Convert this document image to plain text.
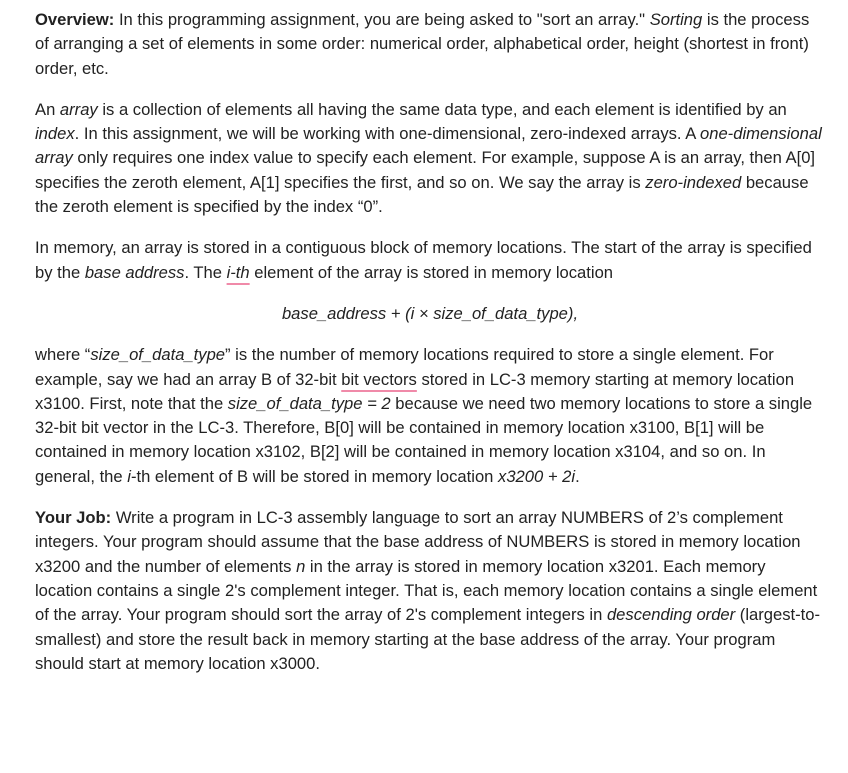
Overview: In this programming assignment, you are being asked to "sort an array." Sorting is the process of arranging a set of elements in some order: numerical order, alphabetical order, height (shortest in front) order, etc.

An array is a collection of elements all having the same data type, and each element is identified by an index. In this assignment, we will be working with one-dimensional, zero-indexed arrays. A one-dimensional array only requires one index value to specify each element. For example, suppose A is an array, then A[0] specifies the zeroth element, A[1] specifies the first, and so on. We say the array is zero-indexed because the zeroth element is specified by the index “0”.

In memory, an array is stored in a contiguous block of memory locations. The start of the array is specified by the base address. The i-th element of the array is stored in memory location

base_address + (i × size_of_data_type),

where “size_of_data_type” is the number of memory locations required to store a single element. For example, say we had an array B of 32-bit bit vectors stored in LC-3 memory starting at memory location x3100. First, note that the size_of_data_type = 2 because we need two memory locations to store a single 32-bit bit vector in the LC-3. Therefore, B[0] will be contained in memory location x3100, B[1] will be contained in memory location x3102, B[2] will be contained in memory location x3104, and so on. In general, the i-th element of B will be stored in memory location x3200 + 2i.

Your Job: Write a program in LC-3 assembly language to sort an array NUMBERS of 2’s complement integers. Your program should assume that the base address of NUMBERS is stored in memory location x3200 and the number of elements n in the array is stored in memory location x3201. Each memory location contains a single 2's complement integer. That is, each memory location contains a single element of the array. Your program should sort the array of 2's complement integers in descending order (largest-to-smallest) and store the result back in memory starting at the base address of the array. Your program should start at memory location x3000.
